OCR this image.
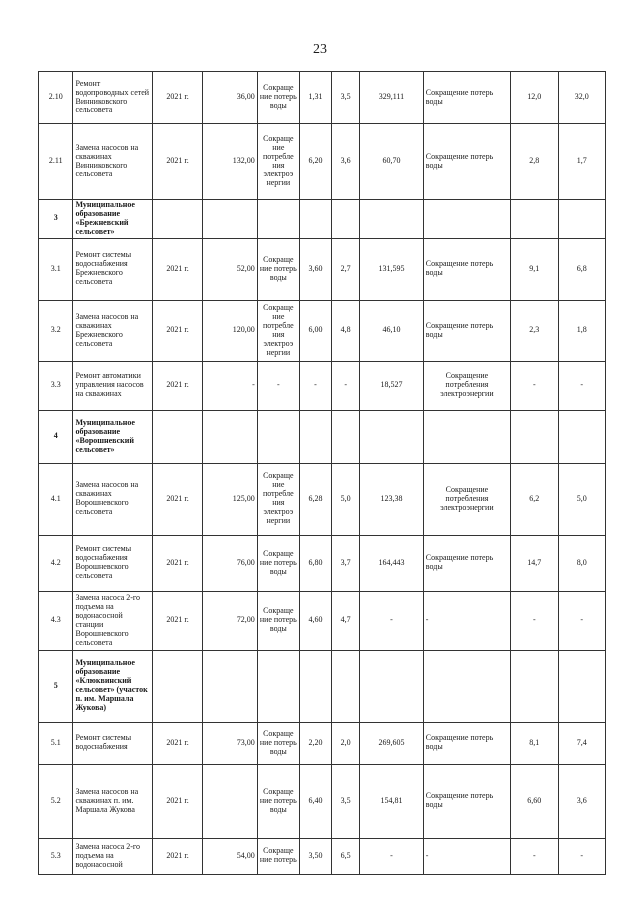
23
2.10	Ремонт водопроводных сетей Винниковского сельсовета	2021 г.	36,00	Сокраще ние потерь воды	1,31	3,5	329,111	Сокращение потерь воды	12,0	32,0
2.11	Замена насосов на скважинах Винниковского сельсовета	2021 г.	132,00	Сокраще ние потребле ния электроэ нергии	6,20	3,6	60,70	Сокращение потерь воды	2,8	1,7
3	Муниципальное образование «Брежневский сельсовет»									
3.1	Ремонт системы водоснабжения Брежневского сельсовета	2021 г.	52,00	Сокраще ние потерь воды	3,60	2,7	131,595	Сокращение потерь воды	9,1	6,8
3.2	Замена насосов на скважинах Брежневского сельсовета	2021 г.	120,00	Сокраще ние потребле ния электроэ нергии	6,00	4,8	46,10	Сокращение потерь воды	2,3	1,8
3.3	Ремонт автоматики управления насосов на скважинах	2021 г.	-	-	-	-	18,527	Сокращение потребления электроэнергии	-	-
4	Муниципальное образование «Ворошневский сельсовет»									
4.1	Замена насосов на скважинах Ворошневского сельсовета	2021 г.	125,00	Сокраще ние потребле ния электроэ нергии	6,28	5,0	123,38	Сокращение потребления электроэнергии	6,2	5,0
4.2	Ремонт системы водоснабжения Ворошневского сельсовета	2021 г.	76,00	Сокраще ние потерь воды	6,80	3,7	164,443	Сокращение потерь воды	14,7	8,0
4.3	Замена насоса 2-го подъема на водонасосной станции Ворошневского сельсовета	2021 г.	72,00	Сокраще ние потерь воды	4,60	4,7	-	-	-	-
5	Муниципальное образование «Клюквинский сельсовет» (участок п. им. Маршала Жукова)									
5.1	Ремонт системы водоснабжения	2021 г.	73,00	Сокраще ние потерь воды	2,20	2,0	269,605	Сокращение потерь воды	8,1	7,4
5.2	Замена насосов на скважинах п. им. Маршала Жукова	2021 г.		Сокраще ние потерь воды	6,40	3,5	154,81	Сокращение потерь воды	6,60	3,6
5.3	Замена насоса 2-го подъема на водонасосной	2021 г.	54,00	Сокраще ние потерь	3,50	6,5	-	-	-	-
